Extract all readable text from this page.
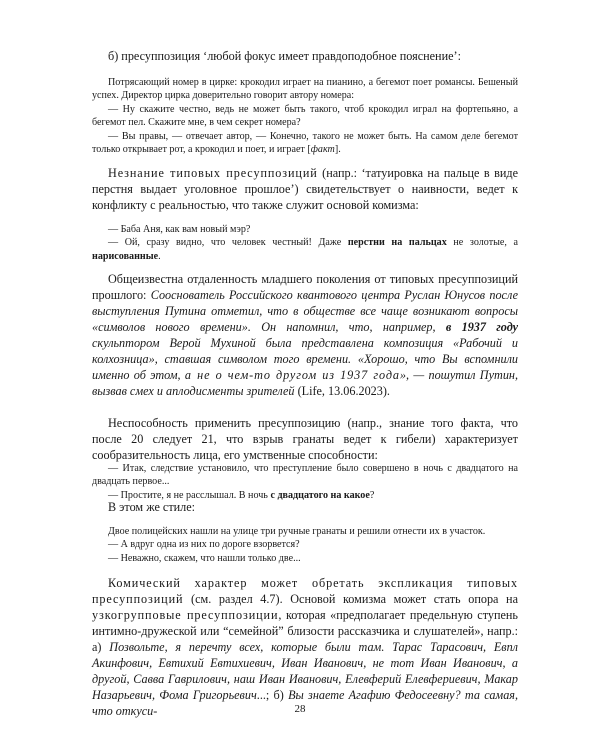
б) пресуппозиция ‘любой фокус имеет правдоподобное пояснение’:

Потрясающий номер в цирке: крокодил играет на пианино, а бегемот поет романсы. Бешеный успех. Директор цирка доверительно говорит автору номера:

— Ну скажите честно, ведь не может быть такого, чтоб крокодил играл на фортепьяно, а бегемот пел. Скажите мне, в чем секрет номера?

— Вы правы, — отвечает автор, — Конечно, такого не может быть. На самом деле бегемот только открывает рот, а крокодил и поет, и играет [факт].

Незнание типовых пресуппозиций (напр.: ‘татуировка на пальце в виде перстня выдает уголовное прошлое’) свидетельствует о наивности, ведет к конфликту с реальностью, что также служит основой комизма:

— Баба Аня, как вам новый мэр?

— Ой, сразу видно, что человек честный! Даже перстни на пальцах не золотые, а нарисованные.

Общеизвестна отдаленность младшего поколения от типовых пресуппозиций прошлого: Сооснователь Российского квантового центра Руслан Юнусов после выступления Путина отметил, что в обществе все чаще возникают вопросы «символов нового времени». Он напомнил, что, например, в 1937 году скульптором Верой Мухиной была представлена композиция «Рабочий и колхозница», ставшая символом того времени. «Хорошо, что Вы вспомнили именно об этом, а не о чем-то другом из 1937 года», — пошутил Путин, вызвав смех и аплодисменты зрителей (Life, 13.06.2023).

Неспособность применить пресуппозицию (напр., знание того факта, что после 20 следует 21, что взрыв гранаты ведет к гибели) характеризует сообразительность лица, его умственные способности:

— Итак, следствие установило, что преступление было совершено в ночь с двадцатого на двадцать первое...

— Простите, я не расслышал. В ночь с двадцатого на какое?

В этом же стиле:

Двое полицейских нашли на улице три ручные гранаты и решили отнести их в участок.

— А вдруг одна из них по дороге взорвется?

— Неважно, скажем, что нашли только две...

Комический характер может обретать экспликация типовых пресуппозиций (см. раздел 4.7). Основой комизма может стать опора на узкогрупповые пресуппозиции, которая «предполагает предельную ступень интимно-дружеской или “семейной” близости рассказчика и слушателей», напр.: а) Позвольте, я перечту всех, которые были там. Тарас Тарасович, Евпл Акинфович, Евтихий Евтихиевич, Иван Иванович, не тот Иван Иванович, а другой, Савва Гаврилович, наш Иван Иванович, Елевферий Елевфериевич, Макар Назарьевич, Фома Григорьевич...; б) Вы знаете Агафию Федосеевну? та самая, что откуси-	28
